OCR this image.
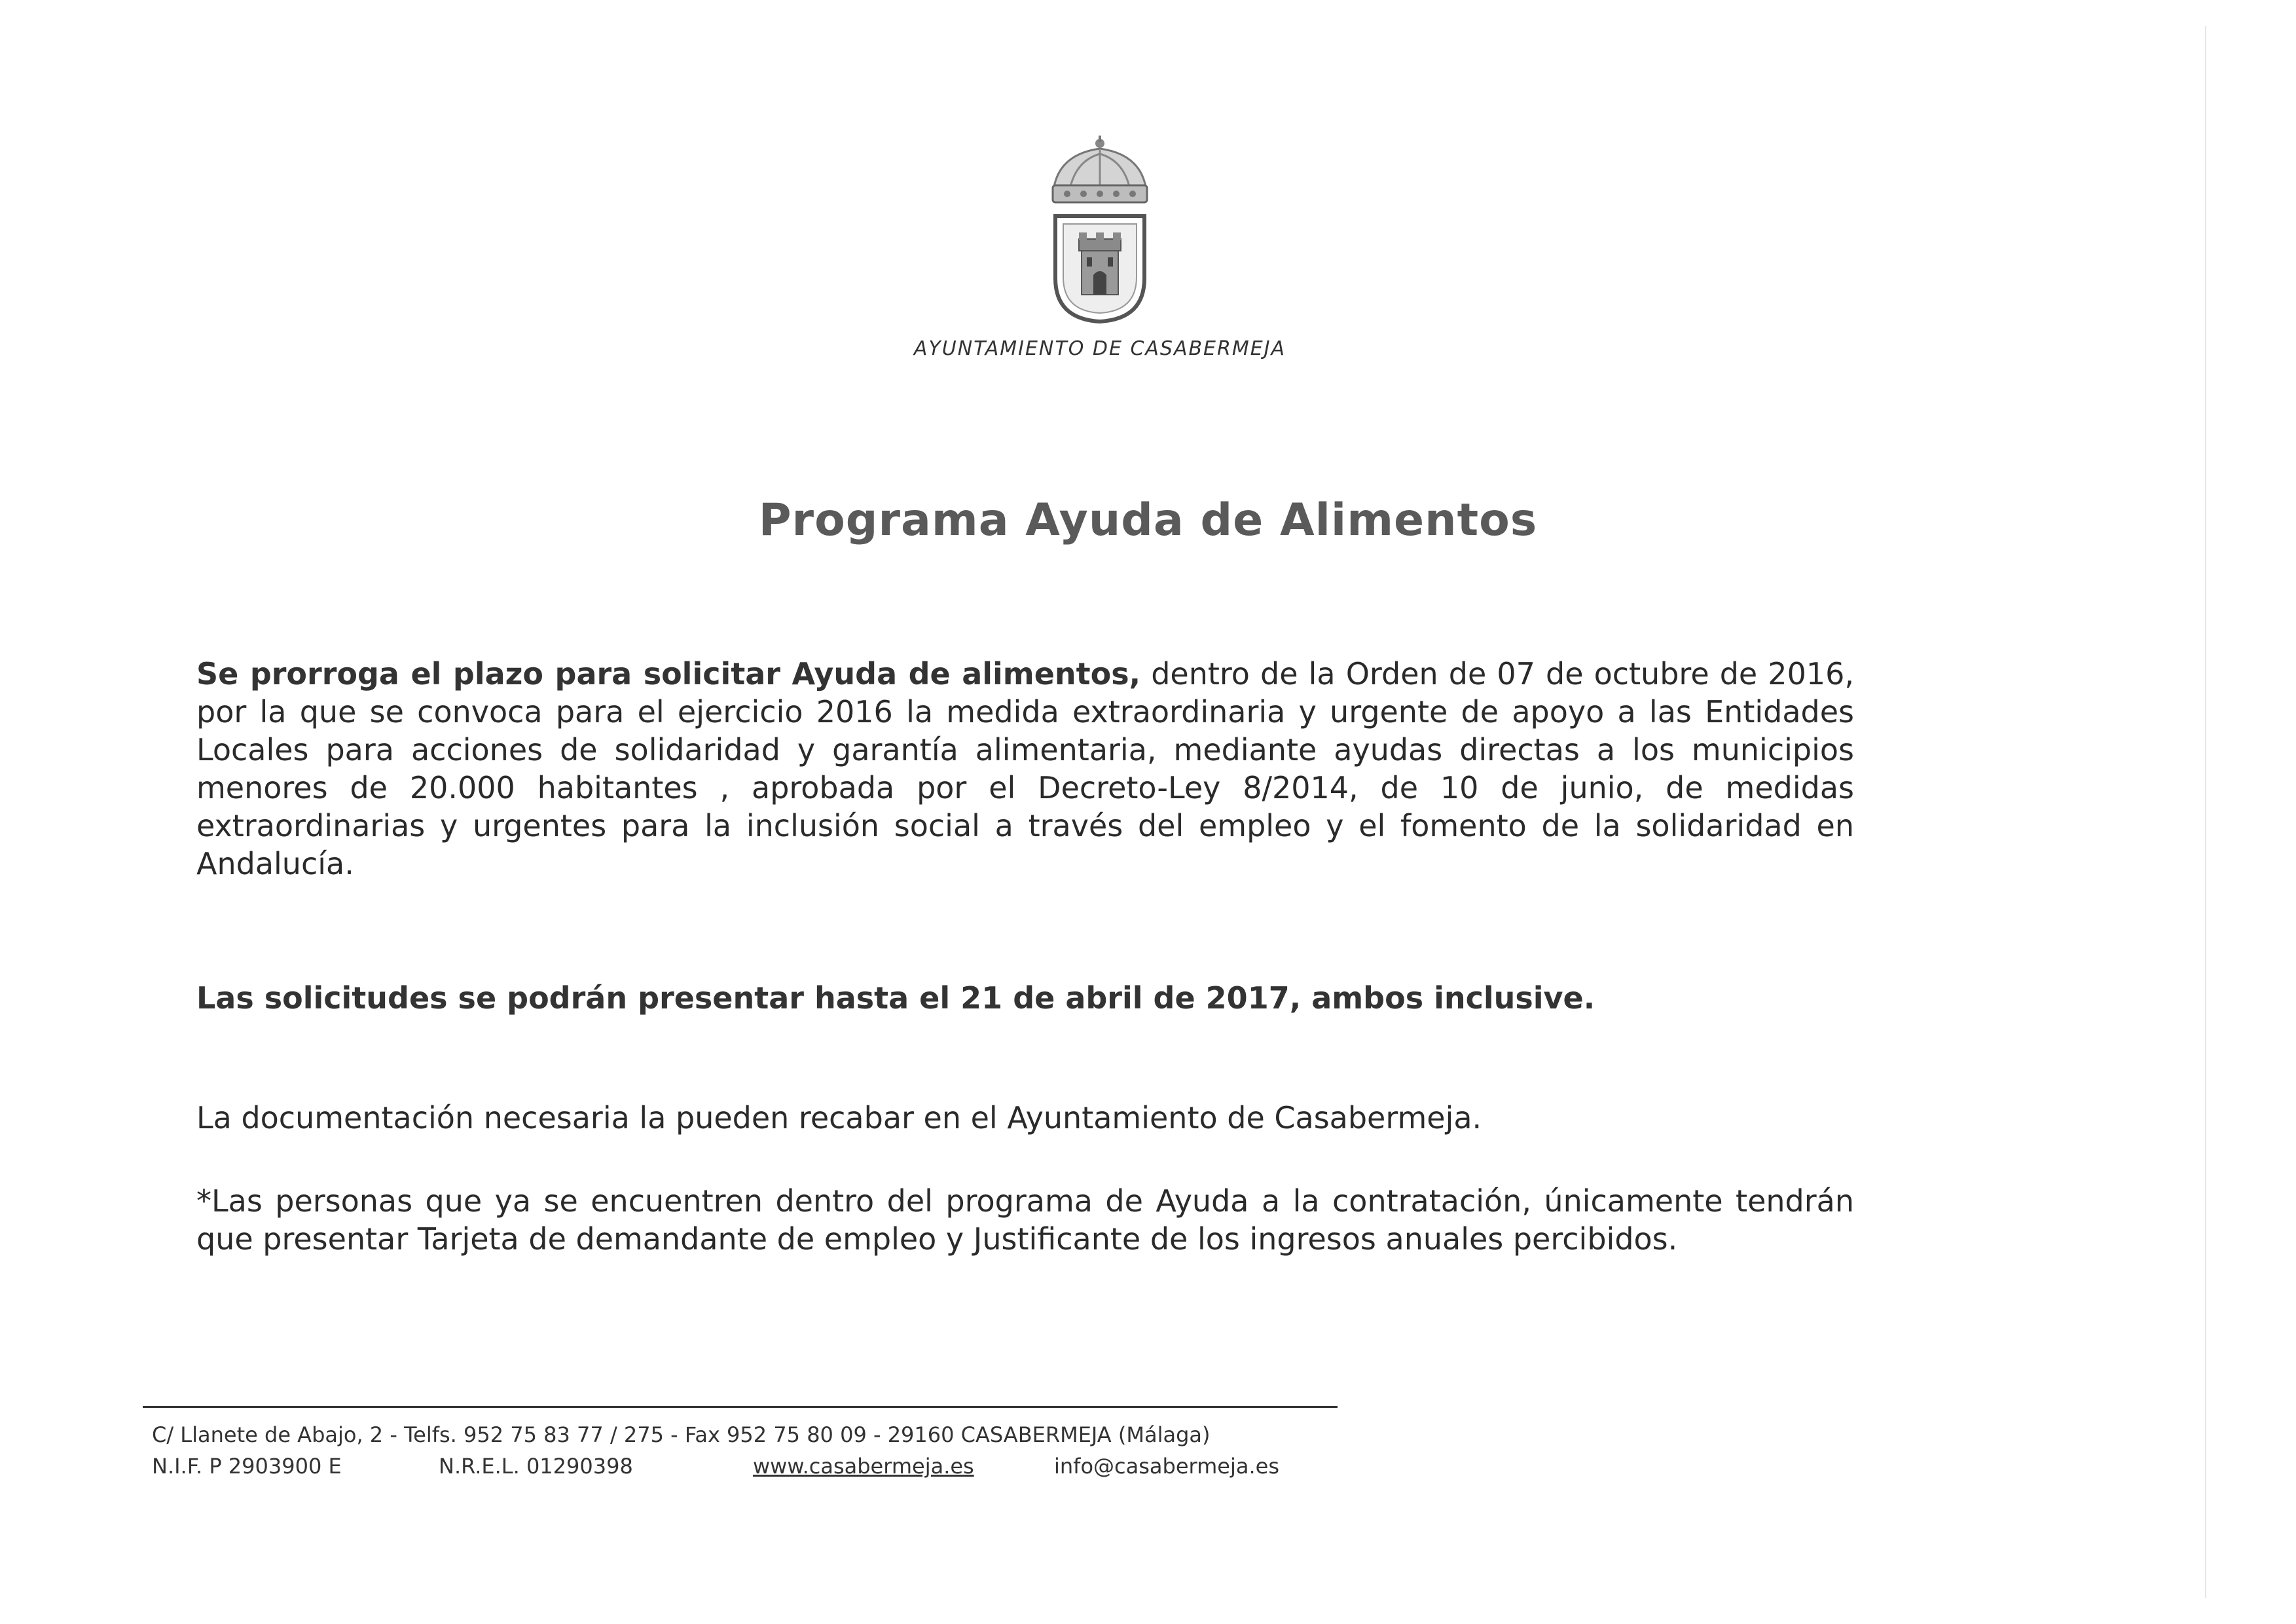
AYUNTAMIENTO DE CASABERMEJA
Programa Ayuda de Alimentos
Se prorroga el plazo para solicitar Ayuda de alimentos, dentro de la Orden de 07 de octubre de 2016, por la que se convoca para el ejercicio 2016 la medida extraordinaria y urgente de apoyo a las Entidades Locales para acciones de solidaridad y garantía alimentaria, mediante ayudas directas a los municipios menores de 20.000 habitantes , aprobada por el Decreto-Ley 8/2014, de 10 de junio, de medidas extraordinarias y urgentes para la inclusión social a través del empleo y el fomento de la solidaridad en Andalucía.
Las solicitudes se podrán presentar hasta el 21 de abril de 2017, ambos inclusive.
La documentación necesaria la pueden recabar en el Ayuntamiento de Casabermeja.
*Las personas que ya se encuentren dentro del programa de Ayuda a la contratación, únicamente tendrán que presentar Tarjeta de demandante de empleo y Justificante de los ingresos anuales percibidos.
C/ Llanete de Abajo, 2 - Telfs. 952 75 83 77 / 275 - Fax 952 75 80 09 - 29160 CASABERMEJA (Málaga)
N.I.F. P 2903900 E	N.R.E.L. 01290398	www.casabermeja.es	info@casabermeja.es
